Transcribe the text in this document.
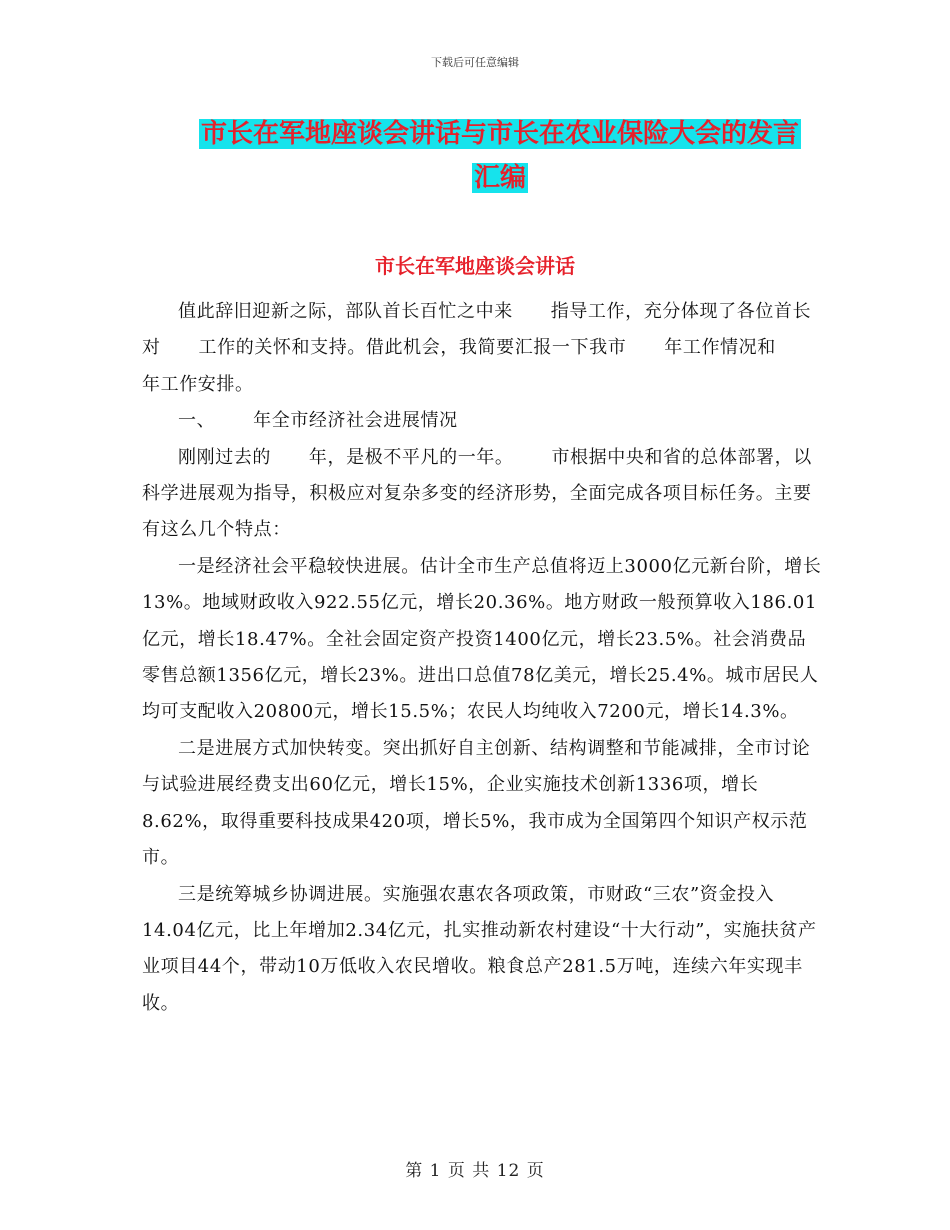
下载后可任意编辑
市长在军地座谈会讲话与市长在农业保险大会的发言
汇编
市长在军地座谈会讲话

值此辞旧迎新之际，部队首长百忙之中来      指导工作，充分体现了各位首长对      工作的关怀和支持。借此机会，我简要汇报一下我市      年工作情况和      年工作安排。

一、      年全市经济社会进展情况

刚刚过去的      年，是极不平凡的一年。      市根据中央和省的总体部署，以科学进展观为指导，积极应对复杂多变的经济形势，全面完成各项目标任务。主要有这么几个特点：

一是经济社会平稳较快进展。估计全市生产总值将迈上3000亿元新台阶，增长13%。地域财政收入922.55亿元，增长20.36%。地方财政一般预算收入186.01亿元，增长18.47%。全社会固定资产投资1400亿元，增长23.5%。社会消费品零售总额1356亿元，增长23%。进出口总值78亿美元，增长25.4%。城市居民人均可支配收入20800元，增长15.5%；农民人均纯收入7200元，增长14.3%。

二是进展方式加快转变。突出抓好自主创新、结构调整和节能减排，全市讨论与试验进展经费支出60亿元，增长15%，企业实施技术创新1336项，增长8.62%，取得重要科技成果420项，增长5%，我市成为全国第四个知识产权示范市。

三是统筹城乡协调进展。实施强农惠农各项政策，市财政“三农”资金投入14.04亿元，比上年增加2.34亿元，扎实推动新农村建设“十大行动”，实施扶贫产业项目44个，带动10万低收入农民增收。粮食总产281.5万吨，连续六年实现丰收。

第 1 页 共 12 页
